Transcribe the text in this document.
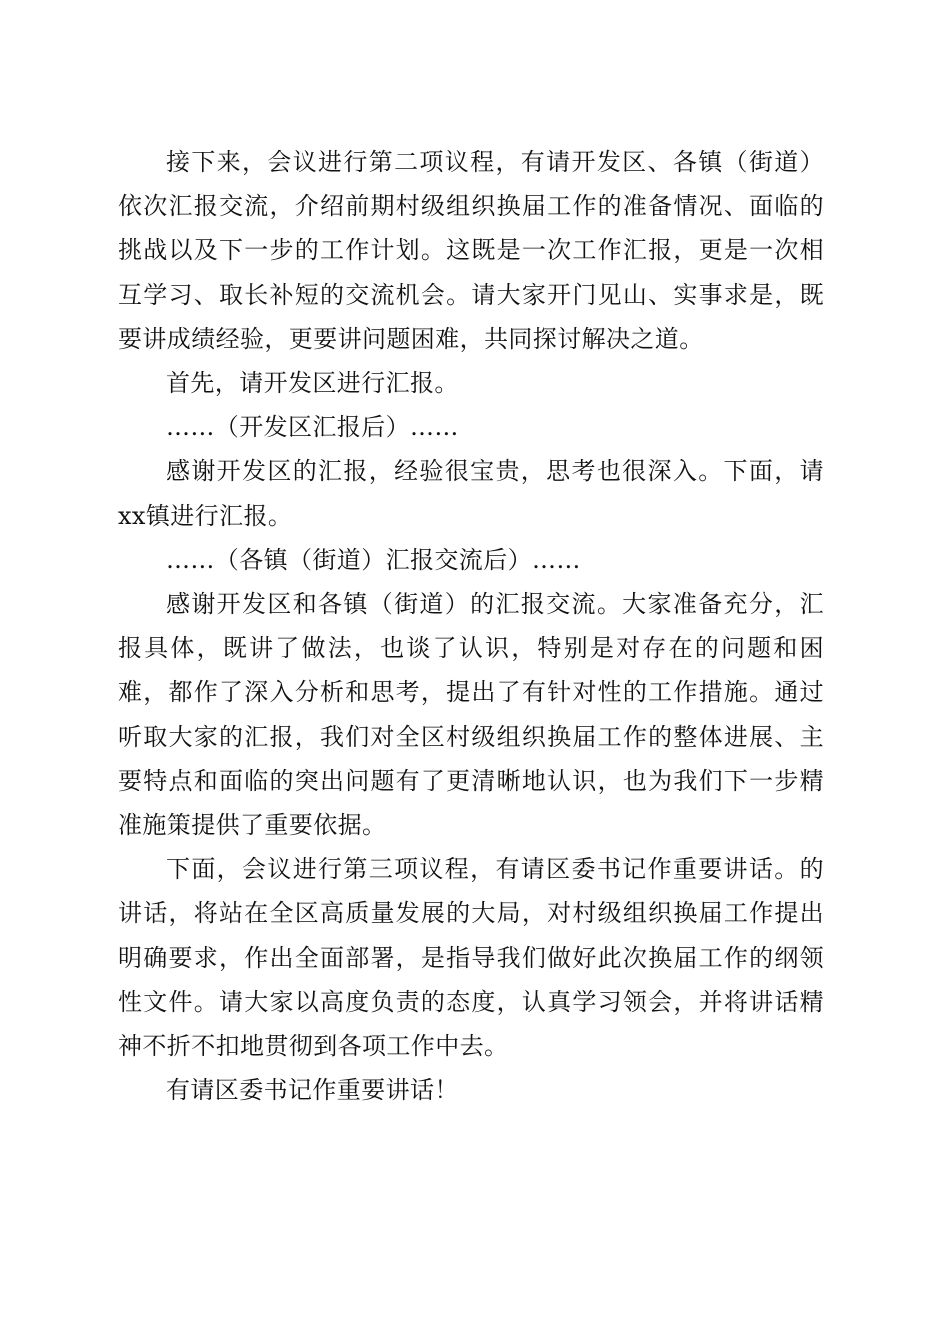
接下来，会议进行第二项议程，有请开发区、各镇（街道）依次汇报交流，介绍前期村级组织换届工作的准备情况、面临的挑战以及下一步的工作计划。这既是一次工作汇报，更是一次相互学习、取长补短的交流机会。请大家开门见山、实事求是，既要讲成绩经验，更要讲问题困难，共同探讨解决之道。

首先，请开发区进行汇报。

……（开发区汇报后）……

感谢开发区的汇报，经验很宝贵，思考也很深入。下面，请xx镇进行汇报。

……（各镇（街道）汇报交流后）……

感谢开发区和各镇（街道）的汇报交流。大家准备充分，汇报具体，既讲了做法，也谈了认识，特别是对存在的问题和困难，都作了深入分析和思考，提出了有针对性的工作措施。通过听取大家的汇报，我们对全区村级组织换届工作的整体进展、主要特点和面临的突出问题有了更清晰地认识，也为我们下一步精准施策提供了重要依据。

下面，会议进行第三项议程，有请区委书记作重要讲话。的讲话，将站在全区高质量发展的大局，对村级组织换届工作提出明确要求，作出全面部署，是指导我们做好此次换届工作的纲领性文件。请大家以高度负责的态度，认真学习领会，并将讲话精神不折不扣地贯彻到各项工作中去。

有请区委书记作重要讲话！
